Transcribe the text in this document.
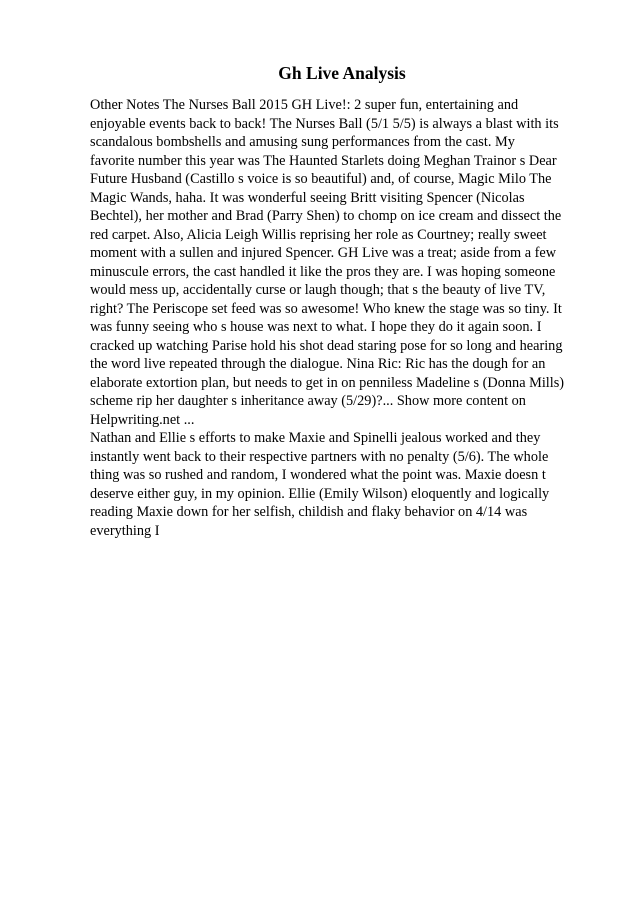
Gh Live Analysis

Other Notes The Nurses Ball 2015 GH Live!: 2 super fun, entertaining and
enjoyable events back to back! The Nurses Ball (5/1 5/5) is always a blast with its
scandalous bombshells and amusing sung performances from the cast. My
favorite number this year was The Haunted Starlets doing Meghan Trainor s Dear
Future Husband (Castillo s voice is so beautiful) and, of course, Magic Milo The
Magic Wands, haha. It was wonderful seeing Britt visiting Spencer (Nicolas
Bechtel), her mother and Brad (Parry Shen) to chomp on ice cream and dissect the
red carpet. Also, Alicia Leigh Willis reprising her role as Courtney; really sweet
moment with a sullen and injured Spencer. GH Live was a treat; aside from a few
minuscule errors, the cast handled it like the pros they are. I was hoping someone
would mess up, accidentally curse or laugh though; that s the beauty of live TV,
right? The Periscope set feed was so awesome! Who knew the stage was so tiny. It
was funny seeing who s house was next to what. I hope they do it again soon. I
cracked up watching Parise hold his shot dead staring pose for so long and hearing
the word live repeated through the dialogue. Nina Ric: Ric has the dough for an
elaborate extortion plan, but needs to get in on penniless Madeline s (Donna Mills)
scheme rip her daughter s inheritance away (5/29)?... Show more content on
Helpwriting.net ...

Nathan and Ellie s efforts to make Maxie and Spinelli jealous worked and they
instantly went back to their respective partners with no penalty (5/6). The whole
thing was so rushed and random, I wondered what the point was. Maxie doesn t
deserve either guy, in my opinion. Ellie (Emily Wilson) eloquently and logically
reading Maxie down for her selfish, childish and flaky behavior on 4/14 was
everything I
